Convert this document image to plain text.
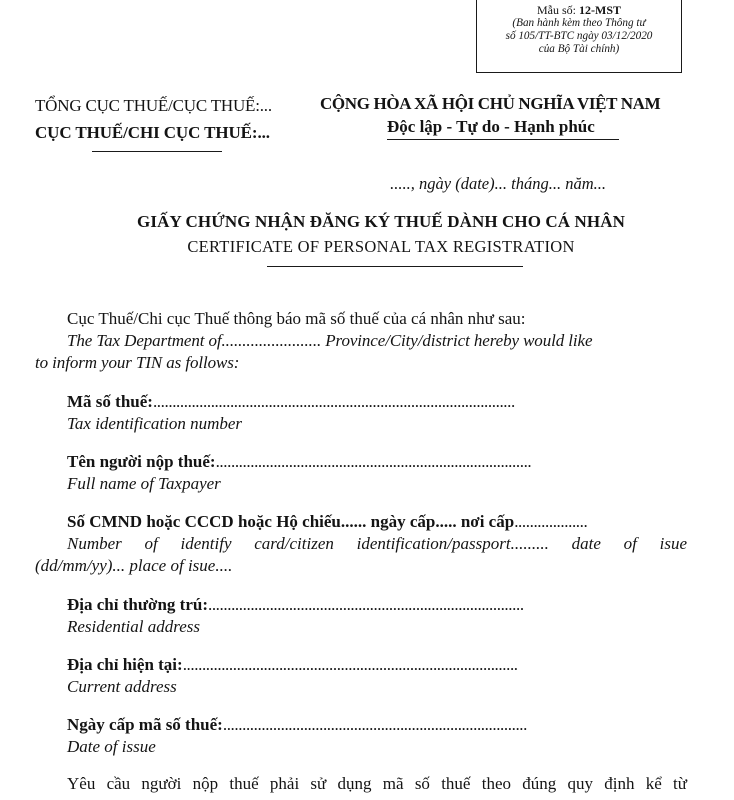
Mẫu số: 12-MST
(Ban hành kèm theo Thông tư
số 105/TT-BTC ngày 03/12/2020
của Bộ Tài chính)
TỔNG CỤC THUẾ/CỤC THUẾ:...
CỤC THUẾ/CHI CỤC THUẾ:...
CỘNG HÒA XÃ HỘI CHỦ NGHĨA VIỆT NAM
Độc lập - Tự do - Hạnh phúc
....., ngày (date)... tháng... năm...
GIẤY CHỨNG NHẬN ĐĂNG KÝ THUẾ DÀNH CHO CÁ NHÂN
CERTIFICATE OF PERSONAL TAX REGISTRATION
Cục Thuế/Chi cục Thuế thông báo mã số thuế của cá nhân như sau:
The Tax Department of........................ Province/City/district hereby would like
to inform your TIN as follows:
Mã số thuế:..............................................................................................
Tax identification number
Tên người nộp thuế:..................................................................................
Full name of Taxpayer
Số CMND hoặc CCCD hoặc Hộ chiếu...... ngày cấp..... nơi cấp...................
Number of identify card/citizen identification/passport......... date of isue
(dd/mm/yy)... place of isue....
Địa chỉ thường trú:..................................................................................
Residential address
Địa chỉ hiện tại:.......................................................................................
Current address
Ngày cấp mã số thuế:...............................................................................
Date of issue
Yêu cầu người nộp thuế phải sử dụng mã số thuế theo đúng quy định kể từ
